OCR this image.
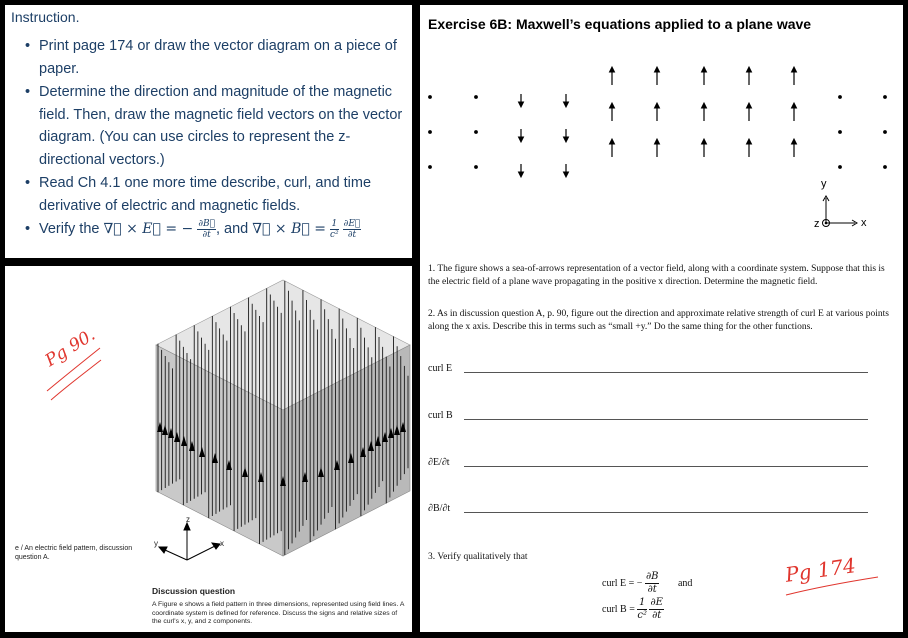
Instruction.
• Print page 174 or draw the vector diagram on a piece of paper.
• Determine the direction and magnitude of the magnetic field. Then, draw the magnetic field vectors on the vector diagram. (You can use circles to represent the z-directional vectors.)
• Read Ch 4.1 one more time describe, curl, and time derivative of electric and magnetic fields.
• Verify the ∇⃗ × E⃗ = − $\frac{\partial B⃗}{\partial t}$ , and ∇⃗ × B⃗ = $\frac{1}{\text{c²}}$
$\frac{\partial E⃗}{\partial t}$
z
x
y
e / An electric field pattern, discussion question A.
Discussion question
A Figure e shows a field pattern in three dimensions, represented using field lines. A coordinate system is defined for reference. Discuss the signs and relative sizes of the curl's x, y, and z components.
Pg 90.
Exercise 6B: Maxwell’s equations applied to a plane wave
y
x
z
1. The figure shows a sea-of-arrows representation of a vector field, along with a coordinate system. Suppose that this is the electric field of a plane wave propagating in the positive x direction. Determine the magnetic field.
2. As in discussion question A, p. 90, figure out the direction and approximate relative strength of curl E at various points along the x axis. Describe this in terms such as “small +y.” Do the same thing for the other functions.
curl E
curl B
∂E/∂t
∂B/∂t
3. Verify qualitatively that
curl E = − $\frac{\partial B}{\partial t}$ and
curl $B = \frac{1}{\text{c²}}$
$\frac{\partial E}{\partial t}$
Pg 174
